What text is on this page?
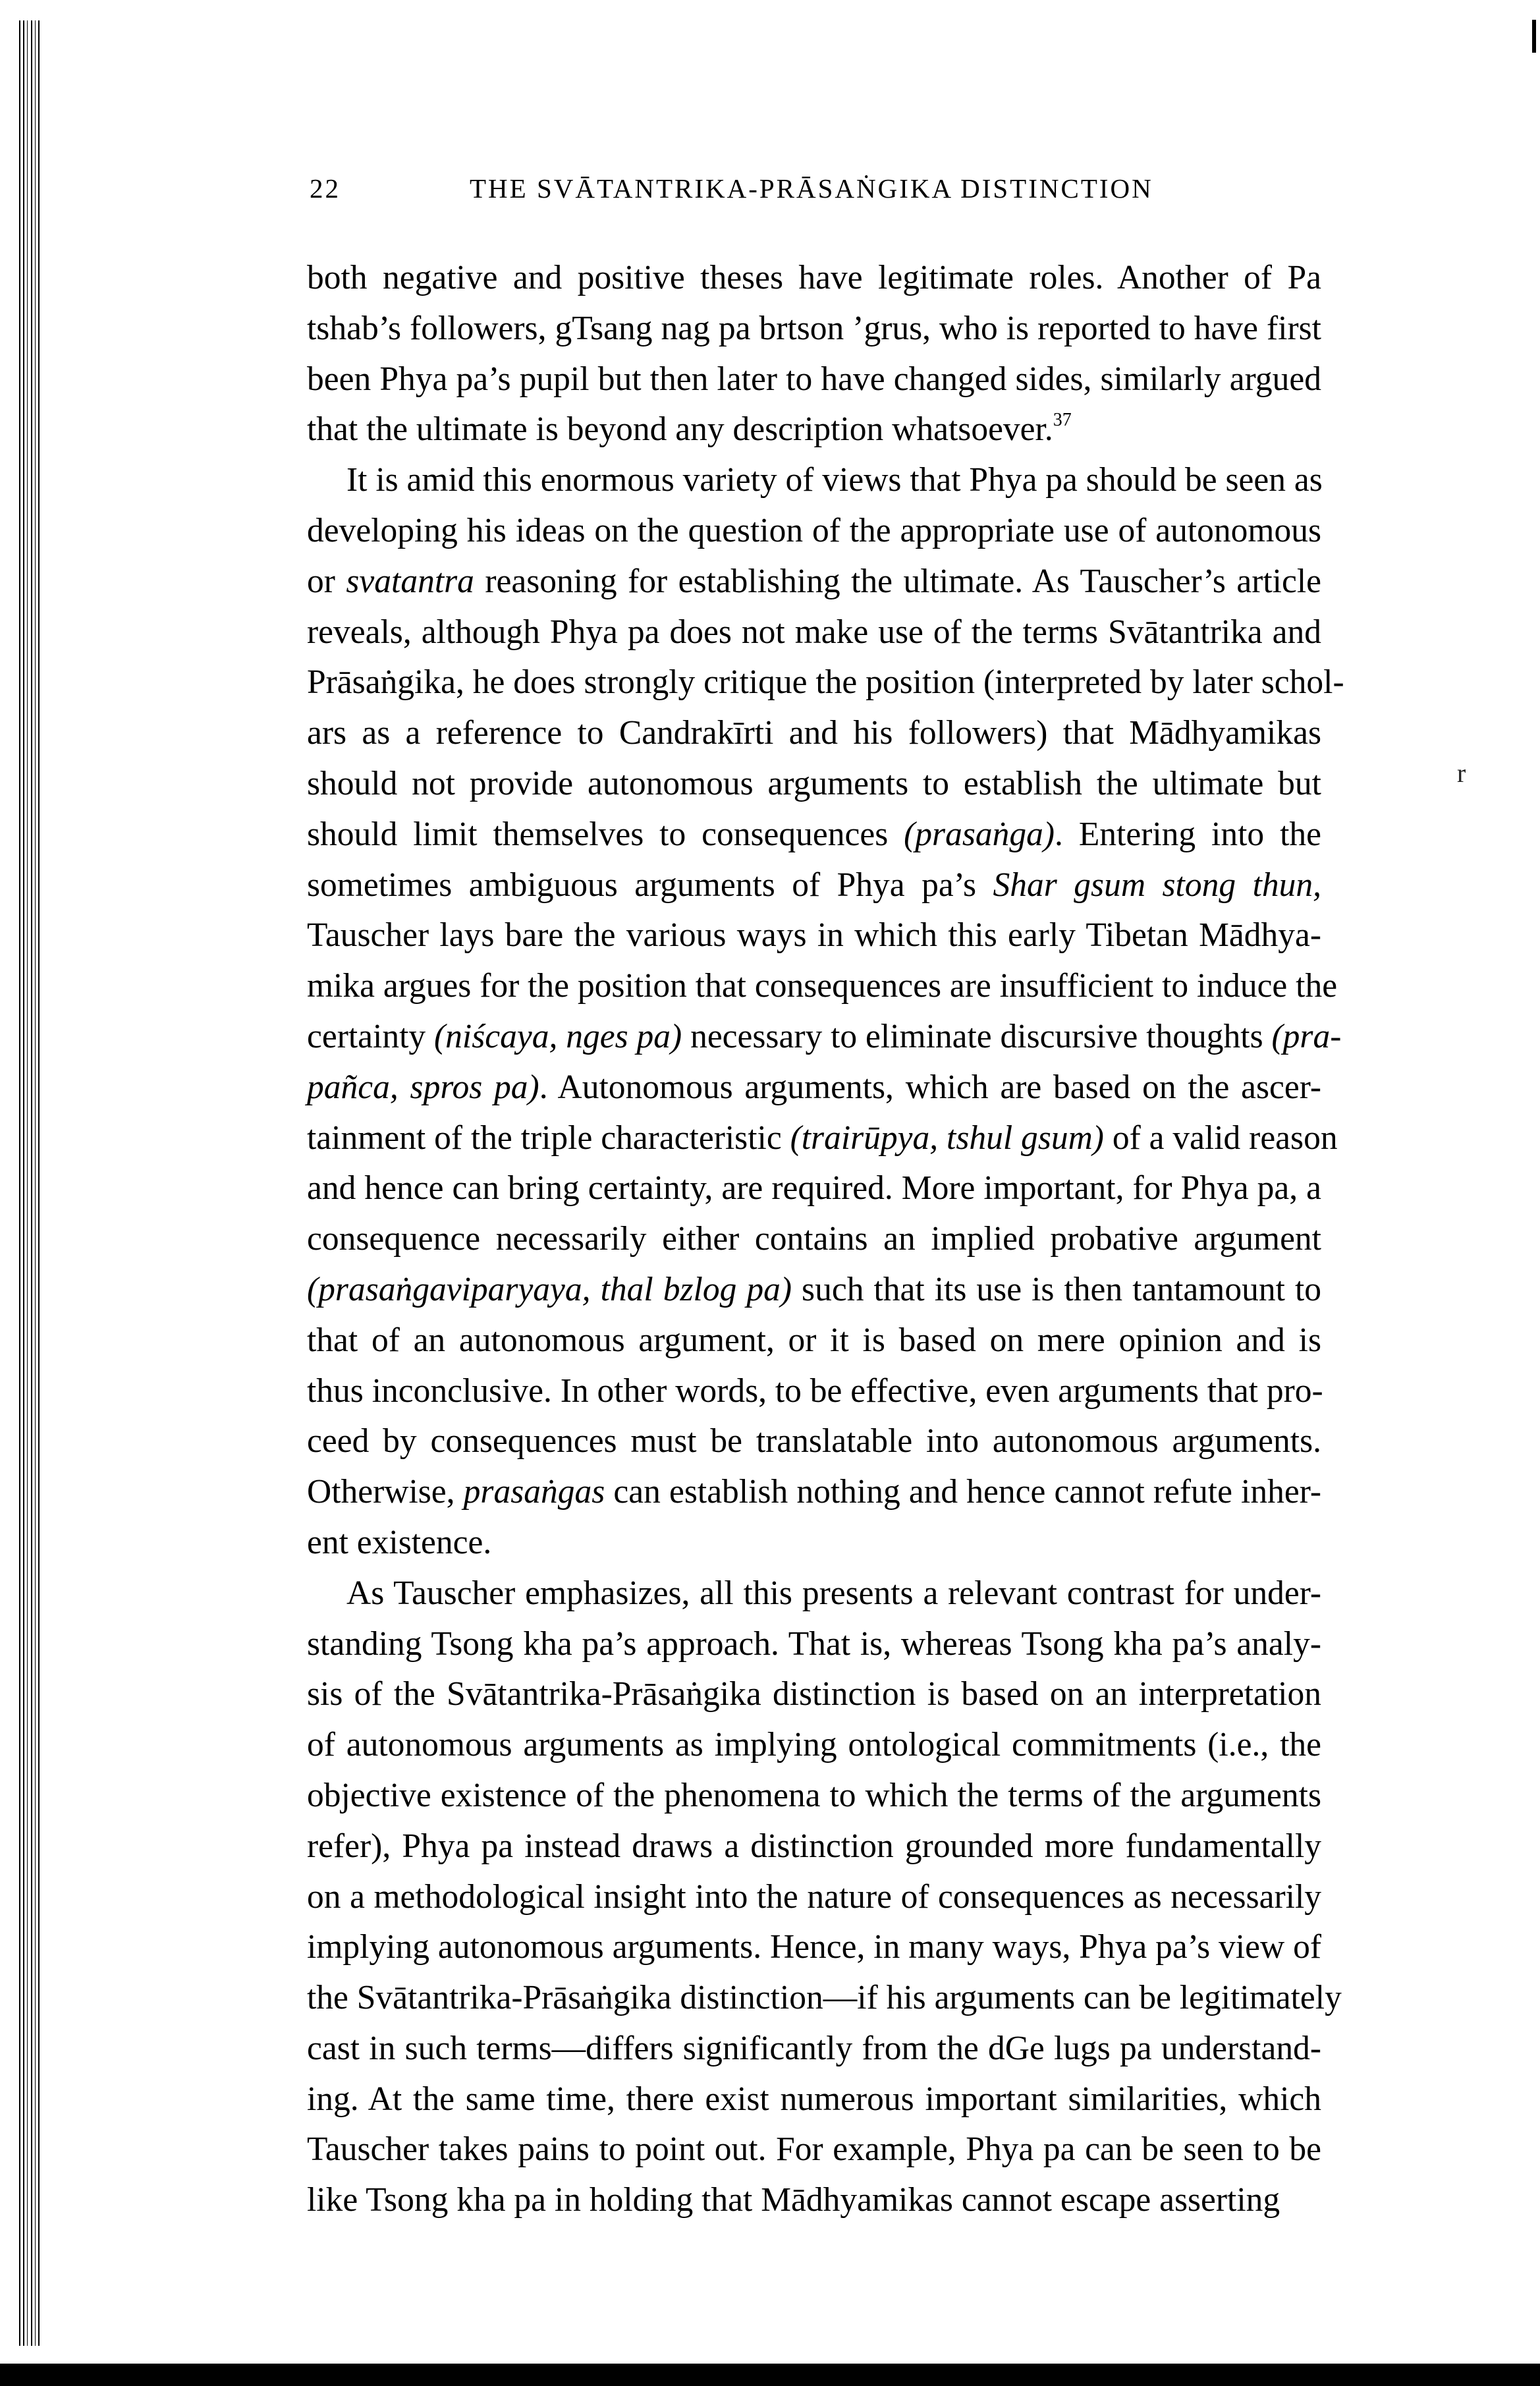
22	THE SVĀTANTRIKA-PRĀSAṄGIKA DISTINCTION
r
both negative and positive theses have legitimate roles. Another of Pa
tshab’s followers, gTsang nag pa brtson ’grus, who is reported to have first
been Phya pa’s pupil but then later to have changed sides, similarly argued
that the ultimate is beyond any description whatsoever.$^{37}$
It is amid this enormous variety of views that Phya pa should be seen as
developing his ideas on the question of the appropriate use of autonomous
or svatantra reasoning for establishing the ultimate. As Tauscher’s article
reveals, although Phya pa does not make use of the terms Svātantrika and
Prāsaṅgika, he does strongly critique the position (interpreted by later schol-
ars as a reference to Candrakīrti and his followers) that Mādhyamikas
should not provide autonomous arguments to establish the ultimate but
should limit themselves to consequences (prasaṅga). Entering into the
sometimes ambiguous arguments of Phya pa’s Shar gsum stong thun,
Tauscher lays bare the various ways in which this early Tibetan Mādhya-
mika argues for the position that consequences are insufficient to induce the
certainty (niścaya, nges pa) necessary to eliminate discursive thoughts (pra-
pañca, spros pa). Autonomous arguments, which are based on the ascer-
tainment of the triple characteristic (trairūpya, tshul gsum) of a valid reason
and hence can bring certainty, are required. More important, for Phya pa, a
consequence necessarily either contains an implied probative argument
(prasaṅgaviparyaya, thal bzlog pa) such that its use is then tantamount to
that of an autonomous argument, or it is based on mere opinion and is
thus inconclusive. In other words, to be effective, even arguments that pro-
ceed by consequences must be translatable into autonomous arguments.
Otherwise, prasaṅgas can establish nothing and hence cannot refute inher-
ent existence.
As Tauscher emphasizes, all this presents a relevant contrast for under-
standing Tsong kha pa’s approach. That is, whereas Tsong kha pa’s analy-
sis of the Svātantrika-Prāsaṅgika distinction is based on an interpretation
of autonomous arguments as implying ontological commitments (i.e., the
objective existence of the phenomena to which the terms of the arguments
refer), Phya pa instead draws a distinction grounded more fundamentally
on a methodological insight into the nature of consequences as necessarily
implying autonomous arguments. Hence, in many ways, Phya pa’s view of
the Svātantrika-Prāsaṅgika distinction—if his arguments can be legitimately
cast in such terms—differs significantly from the dGe lugs pa understand-
ing. At the same time, there exist numerous important similarities, which
Tauscher takes pains to point out. For example, Phya pa can be seen to be
like Tsong kha pa in holding that Mādhyamikas cannot escape asserting
